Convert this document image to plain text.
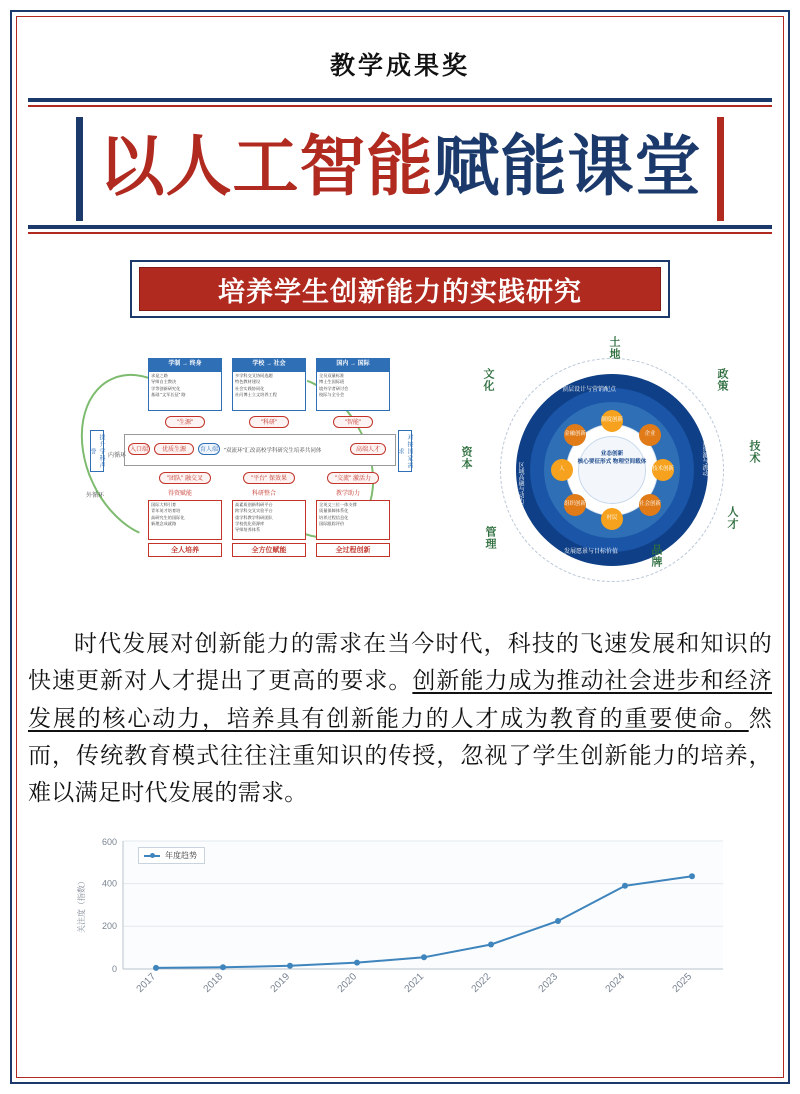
教学成果奖
以人工智能赋能课堂
培养学生创新能力的实践研究
学制 → 终身	学校 → 社会	国内 → 国际
求是之路
导师自主教决
学等创新研究化
基础 "文军长征" 路
多学科交叉协同选题
特色教材建设
社会实践协同化
社问博士立文培养工程
全员双量标准
博士生国际班
境外学者研讨会
校际与全分会
"生源"	"科研"	"智能"
入口端	优质生源	育人端	"双流环"汇改高校学科研究生培养共同体	高端人才
提升学科声誉	对接国家需求
内循环
外循环
"团队" 融交叉	"平台" 保效果	"交流" 激活力
得资赋能	科研整合	教学助力
国际大师引育
青年英才培育培
高研究生的国际化
新理念成就路
高素质创新科研平台
跨学科交叉实验平台
重学科教学科研团队
学校优化资源库
导师培养体系
全英文三位一体支撑
质量保障体系化
培养过程信息化
国际跟踪评价
全人培养	全方位赋能	全过程创新
业态创新
核心要征形式 物理空间载体
制度创新
企业
技术创新
社会创新
村民
组织创新
人
金融创新
顶层设计与营销配点
区域高融与动力支撑
重要的要素资源与流动
发展愿景与目标价值
土地
政策
技术
人才
品牌
管理
资本
文化

时代发展对创新能力的需求在当今时代，科技的飞速发展和知识的快速更新对人才提出了更高的要求。创新能力成为推动社会进步和经济发展的核心动力，培养具有创新能力的人才成为教育的重要使命。然而，传统教育模式往往注重知识的传授，忽视了学生创新能力的培养，难以满足时代发展的需求。

0
200
400
600
关注度（指数）
2017	2018	2019	2020	2021	2022	2023	2024	2025
年度趋势
